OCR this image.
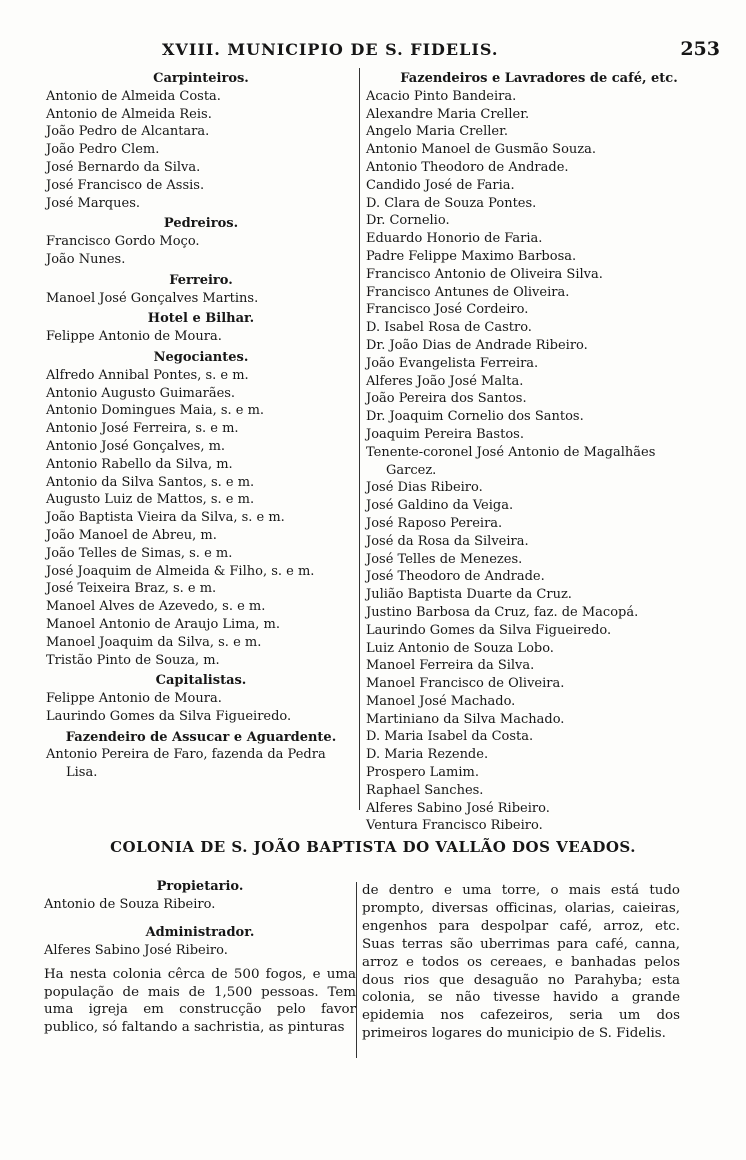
XVIII. MUNICIPIO DE S. FIDELIS.	253
Carpinteiros.
Antonio de Almeida Costa.
Antonio de Almeida Reis.
João Pedro de Alcantara.
João Pedro Clem.
José Bernardo da Silva.
José Francisco de Assis.
José Marques.
Pedreiros.
Francisco Gordo Moço.
João Nunes.
Ferreiro.
Manoel José Gonçalves Martins.
Hotel e Bilhar.
Felippe Antonio de Moura.
Negociantes.
Alfredo Annibal Pontes, s. e m.
Antonio Augusto Guimarães.
Antonio Domingues Maia, s. e m.
Antonio José Ferreira, s. e m.
Antonio José Gonçalves, m.
Antonio Rabello da Silva, m.
Antonio da Silva Santos, s. e m.
Augusto Luiz de Mattos, s. e m.
João Baptista Vieira da Silva, s. e m.
João Manoel de Abreu, m.
João Telles de Simas, s. e m.
José Joaquim de Almeida & Filho, s. e m.
José Teixeira Braz, s. e m.
Manoel Alves de Azevedo, s. e m.
Manoel Antonio de Araujo Lima, m.
Manoel Joaquim da Silva, s. e m.
Tristão Pinto de Souza, m.
Capitalistas.
Felippe Antonio de Moura.
Laurindo Gomes da Silva Figueiredo.
Fazendeiro de Assucar e Aguardente.
Antonio Pereira de Faro, fazenda da Pedra
Lisa.
Fazendeiros e Lavradores de café, etc.
Acacio Pinto Bandeira.
Alexandre Maria Creller.
Angelo Maria Creller.
Antonio Manoel de Gusmão Souza.
Antonio Theodoro de Andrade.
Candido José de Faria.
D. Clara de Souza Pontes.
Dr. Cornelio.
Eduardo Honorio de Faria.
Padre Felippe Maximo Barbosa.
Francisco Antonio de Oliveira Silva.
Francisco Antunes de Oliveira.
Francisco José Cordeiro.
D. Isabel Rosa de Castro.
Dr. João Dias de Andrade Ribeiro.
João Evangelista Ferreira.
Alferes João José Malta.
João Pereira dos Santos.
Dr. Joaquim Cornelio dos Santos.
Joaquim Pereira Bastos.
Tenente-coronel José Antonio de Magalhães
Garcez.
José Dias Ribeiro.
José Galdino da Veiga.
José Raposo Pereira.
José da Rosa da Silveira.
José Telles de Menezes.
José Theodoro de Andrade.
Julião Baptista Duarte da Cruz.
Justino Barbosa da Cruz, faz. de Macopá.
Laurindo Gomes da Silva Figueiredo.
Luiz Antonio de Souza Lobo.
Manoel Ferreira da Silva.
Manoel Francisco de Oliveira.
Manoel José Machado.
Martiniano da Silva Machado.
D. Maria Isabel da Costa.
D. Maria Rezende.
Prospero Lamim.
Raphael Sanches.
Alferes Sabino José Ribeiro.
Ventura Francisco Ribeiro.
COLONIA DE S. JOÃO BAPTISTA DO VALLÃO DOS VEADOS.
Propietario.
Antonio de Souza Ribeiro.
Administrador.
Alferes Sabino José Ribeiro.
Ha nesta colonia cêrca de 500 fogos, e uma população de mais de 1,500 pessoas. Tem uma igreja em construcção pelo favor publico, só faltando a sachristia, as pinturas
de dentro e uma torre, o mais está tudo prompto, diversas officinas, olarias, caieiras, engenhos para despolpar café, arroz, etc. Suas terras são uberrimas para café, canna, arroz e todos os cereaes, e banhadas pelos dous rios que desaguão no Parahyba; esta colonia, se não tivesse havido a grande epidemia nos cafezeiros, seria um dos primeiros logares do municipio de S. Fidelis.
